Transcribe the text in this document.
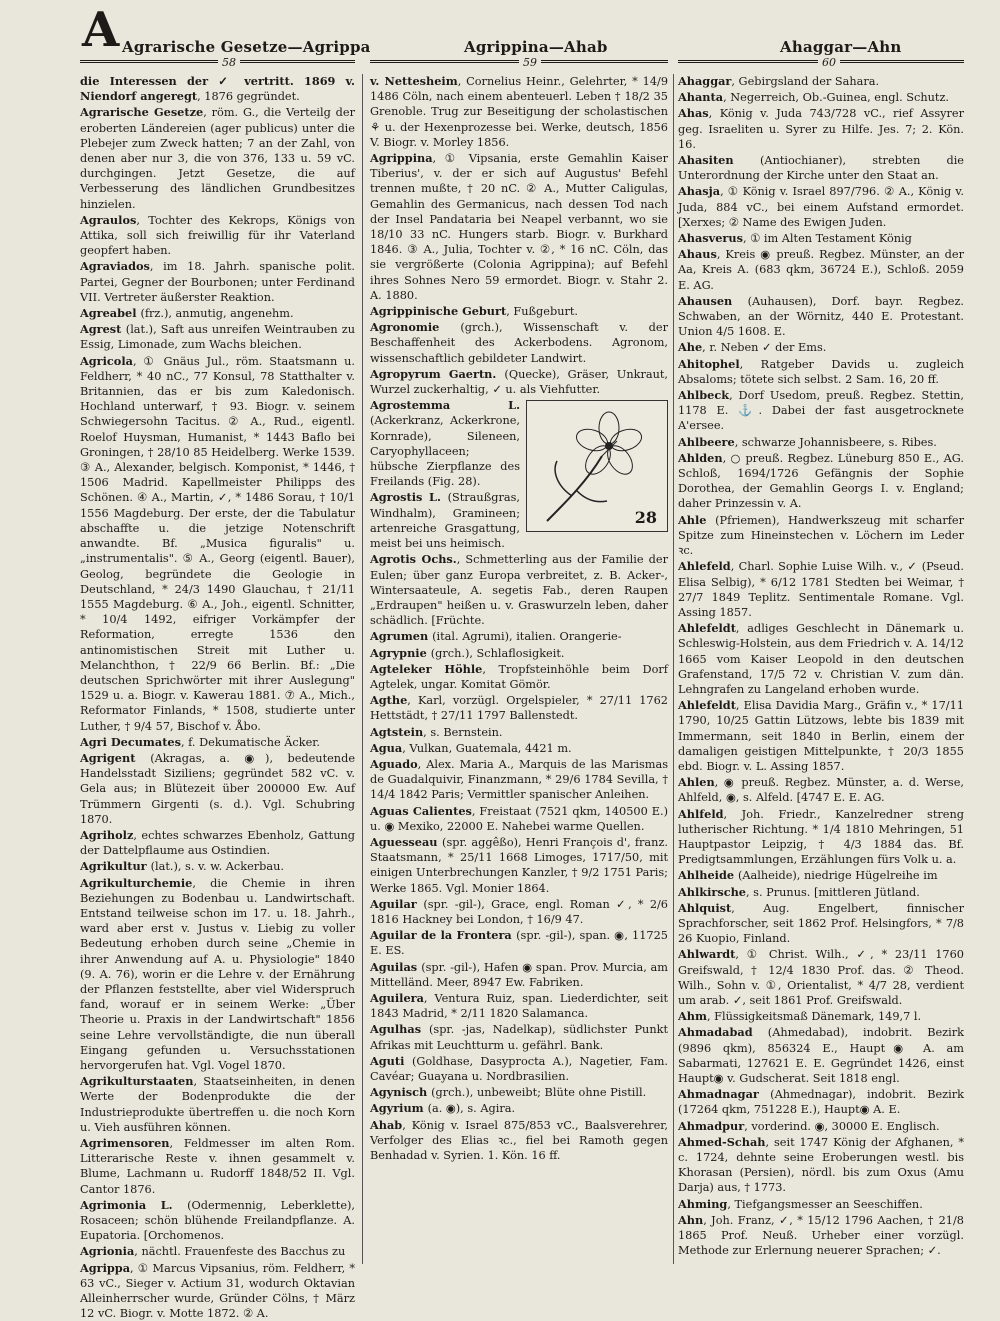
A Agrarische Gesetze—Agrippa	Agrippina—Ahab	Ahaggar—Ahn
58	59	60

die Interessen der ✓ vertritt. 1869 v. Niendorf angeregt, 1876 gegründet.

Agrarische Gesetze, röm. G., die Verteilg der eroberten Ländereien (ager publicus) unter die Plebejer zum Zweck hatten; 7 an der Zahl, von denen aber nur 3, die von 376, 133 u. 59 vC. durchgingen. Jetzt Gesetze, die auf Verbesserung des ländlichen Grundbesitzes hinzielen.

Agraulos, Tochter des Kekrops, Königs von Attika, soll sich freiwillig für ihr Vaterland geopfert haben.

Agraviados, im 18. Jahrh. spanische polit. Partei, Gegner der Bourbonen; unter Ferdinand VII. Vertreter äußerster Reaktion.

Agreabel (frz.), anmutig, angenehm.

Agrest (lat.), Saft aus unreifen Weintrauben zu Essig, Limonade, zum Wachs bleichen.

Agricola, ① Gnäus Jul., röm. Staatsmann u. Feldherr, * 40 nC., 77 Konsul, 78 Statthalter v. Britannien, das er bis zum Kaledonisch. Hochland unterwarf, † 93. Biogr. v. seinem Schwiegersohn Tacitus. ② A., Rud., eigentl. Roelof Huysman, Humanist, * 1443 Baflo bei Groningen, † 28/10 85 Heidelberg. Werke 1539. ③ A., Alexander, belgisch. Komponist, * 1446, † 1506 Madrid. Kapellmeister Philipps des Schönen. ④ A., Martin, ✓, * 1486 Sorau, † 10/1 1556 Magdeburg. Der erste, der die Tabulatur abschaffte u. die jetzige Notenschrift anwandte. Bf. „Musica figuralis" u. „instrumentalis". ⑤ A., Georg (eigentl. Bauer), Geolog, begründete die Geologie in Deutschland, * 24/3 1490 Glauchau, † 21/11 1555 Magdeburg. ⑥ A., Joh., eigentl. Schnitter, * 10/4 1492, eifriger Vorkämpfer der Reformation, erregte 1536 den antinomistischen Streit mit Luther u. Melanchthon, † 22/9 66 Berlin. Bf.: „Die deutschen Sprichwörter mit ihrer Auslegung" 1529 u. a. Biogr. v. Kawerau 1881. ⑦ A., Mich., Reformator Finlands, * 1508, studierte unter Luther, † 9/4 57, Bischof v. Åbo.

Agri Decumates, f. Dekumatische Äcker.

Agrigent (Akragas, a. ◉), bedeutende Handelsstadt Siziliens; gegründet 582 vC. v. Gela aus; in Blütezeit über 200000 Ew. Auf Trümmern Girgenti (s. d.). Vgl. Schubring 1870.

Agriholz, echtes schwarzes Ebenholz, Gattung der Dattelpflaume aus Ostindien.

Agrikultur (lat.), s. v. w. Ackerbau.

Agrikulturchemie, die Chemie in ihren Beziehungen zu Bodenbau u. Landwirtschaft. Entstand teilweise schon im 17. u. 18. Jahrh., ward aber erst v. Justus v. Liebig zu voller Bedeutung erhoben durch seine „Chemie in ihrer Anwendung auf A. u. Physiologie" 1840 (9. A. 76), worin er die Lehre v. der Ernährung der Pflanzen feststellte, aber viel Widerspruch fand, worauf er in seinem Werke: „Über Theorie u. Praxis in der Landwirtschaft" 1856 seine Lehre vervollständigte, die nun überall Eingang gefunden u. Versuchsstationen hervorgerufen hat. Vgl. Vogel 1870.

Agrikulturstaaten, Staatseinheiten, in denen Werte der Bodenprodukte die der Industrieprodukte übertreffen u. die noch Korn u. Vieh ausführen können.

Agrimensoren, Feldmesser im alten Rom. Litterarische Reste v. ihnen gesammelt v. Blume, Lachmann u. Rudorff 1848/52 II. Vgl. Cantor 1876.

Agrimonia L. (Odermennig, Leberklette), Rosaceen; schön blühende Freilandpflanze. A. Eupatoria. [Orchomenos.

Agrionia, nächtl. Frauenfeste des Bacchus zu

Agrippa, ① Marcus Vipsanius, röm. Feldherr, * 63 vC., Sieger v. Actium 31, wodurch Oktavian Alleinherrscher wurde, Gründer Cölns, † März 12 vC. Biogr. v. Motte 1872. ② A.

v. Nettesheim, Cornelius Heinr., Gelehrter, * 14/9 1486 Cöln, nach einem abenteuerl. Leben † 18/2 35 Grenoble. Trug zur Beseitigung der scholastischen ⚘ u. der Hexenprozesse bei. Werke, deutsch, 1856 V. Biogr. v. Morley 1856.

Agrippina, ① Vipsania, erste Gemahlin Kaiser Tiberius', v. der er sich auf Augustus' Befehl trennen mußte, † 20 nC. ② A., Mutter Caligulas, Gemahlin des Germanicus, nach dessen Tod nach der Insel Pandataria bei Neapel verbannt, wo sie 18/10 33 nC. Hungers starb. Biogr. v. Burkhard 1846. ③ A., Julia, Tochter v. ②, * 16 nC. Cöln, das sie vergrößerte (Colonia Agrippina); auf Befehl ihres Sohnes Nero 59 ermordet. Biogr. v. Stahr 2. A. 1880.

Agrippinische Geburt, Fußgeburt.

Agronomie (grch.), Wissenschaft v. der Beschaffenheit des Ackerbodens. Agronom, wissenschaftlich gebildeter Landwirt.

Agropyrum Gaertn. (Quecke), Gräser, Unkraut, Wurzel zuckerhaltig, ✓ u. als Viehfutter.

28

Agrostemma L. (Ackerkranz, Ackerkrone, Kornrade), Sileneen, Caryophyllaceen; hübsche Zierpflanze des Freilands (Fig. 28).

Agrostis L. (Straußgras, Windhalm), Gramineen; artenreiche Grasgattung, meist bei uns heimisch.

Agrotis Ochs., Schmetterling aus der Familie der Eulen; über ganz Europa verbreitet, z. B. Acker-, Wintersaateule, A. segetis Fab., deren Raupen „Erdraupen" heißen u. v. Graswurzeln leben, daher schädlich. [Früchte.

Agrumen (ital. Agrumi), italien. Orangerie-

Agrypnie (grch.), Schlaflosigkeit.

Agteleker Höhle, Tropfsteinhöhle beim Dorf Agtelek, ungar. Komitat Gömör.

Agthe, Karl, vorzügl. Orgelspieler, * 27/11 1762 Hettstädt, † 27/11 1797 Ballenstedt.

Agtstein, s. Bernstein.

Agua, Vulkan, Guatemala, 4421 m.

Aguado, Alex. Maria A., Marquis de las Marismas de Guadalquivir, Finanzmann, * 29/6 1784 Sevilla, † 14/4 1842 Paris; Vermittler spanischer Anleihen.

Aguas Calientes, Freistaat (7521 qkm, 140500 E.) u. ◉ Mexiko, 22000 E. Nahebei warme Quellen.

Aguesseau (spr. aggêßo), Henri François d', franz. Staatsmann, * 25/11 1668 Limoges, 1717/50, mit einigen Unterbrechungen Kanzler, † 9/2 1751 Paris; Werke 1865. Vgl. Monier 1864.

Aguilar (spr. -gil-), Grace, engl. Roman ✓, * 2/6 1816 Hackney bei London, † 16/9 47.

Aguilar de la Frontera (spr. -gil-), span. ◉, 11725 E. ES.

Aguilas (spr. -gil-), Hafen ◉ span. Prov. Murcia, am Mittelländ. Meer, 8947 Ew. Fabriken.

Aguilera, Ventura Ruiz, span. Liederdichter, seit 1843 Madrid, * 2/11 1820 Salamanca.

Agulhas (spr. -jas, Nadelkap), südlichster Punkt Afrikas mit Leuchtturm u. gefährl. Bank.

Aguti (Goldhase, Dasyprocta A.), Nagetier, Fam. Cavéar; Guayana u. Nordbrasilien.

Agynisch (grch.), unbeweibt; Blüte ohne Pistill.

Agyrium (a. ◉), s. Agira.

Ahab, König v. Israel 875/853 vC., Baalsverehrer, Verfolger des Elias ꝛc., fiel bei Ramoth gegen Benhadad v. Syrien. 1. Kön. 16 ff.

Ahaggar, Gebirgsland der Sahara.

Ahanta, Negerreich, Ob.-Guinea, engl. Schutz.

Ahas, König v. Juda 743/728 vC., rief Assyrer geg. Israeliten u. Syrer zu Hilfe. Jes. 7; 2. Kön. 16.

Ahasiten (Antiochianer), strebten die Unterordnung der Kirche unter den Staat an.

Ahasja, ① König v. Israel 897/796. ② A., König v. Juda, 884 vC., bei einem Aufstand ermordet. [Xerxes; ② Name des Ewigen Juden.

Ahasverus, ① im Alten Testament König

Ahaus, Kreis ◉ preuß. Regbez. Münster, an der Aa, Kreis A. (683 qkm, 36724 E.), Schloß. 2059 E. AG.

Ahausen (Auhausen), Dorf. bayr. Regbez. Schwaben, an der Wörnitz, 440 E. Protestant. Union 4/5 1608. E.

Ahe, r. Neben ✓ der Ems.

Ahitophel, Ratgeber Davids u. zugleich Absaloms; tötete sich selbst. 2 Sam. 16, 20 ff.

Ahlbeck, Dorf Usedom, preuß. Regbez. Stettin, 1178 E. ⚓. Dabei der fast ausgetrocknete A'ersee.

Ahlbeere, schwarze Johannisbeere, s. Ribes.

Ahlden, ○ preuß. Regbez. Lüneburg 850 E., AG. Schloß, 1694/1726 Gefängnis der Sophie Dorothea, der Gemahlin Georgs I. v. England; daher Prinzessin v. A.

Ahle (Pfriemen), Handwerkszeug mit scharfer Spitze zum Hineinstechen v. Löchern im Leder ꝛc.

Ahlefeld, Charl. Sophie Luise Wilh. v., ✓ (Pseud. Elisa Selbig), * 6/12 1781 Stedten bei Weimar, † 27/7 1849 Teplitz. Sentimentale Romane. Vgl. Assing 1857.

Ahlefeldt, adliges Geschlecht in Dänemark u. Schleswig-Holstein, aus dem Friedrich v. A. 14/12 1665 vom Kaiser Leopold in den deutschen Grafenstand, 17/5 72 v. Christian V. zum dän. Lehngrafen zu Langeland erhoben wurde.

Ahlefeldt, Elisa Davidia Marg., Gräfin v., * 17/11 1790, 10/25 Gattin Lützows, lebte bis 1839 mit Immermann, seit 1840 in Berlin, einem der damaligen geistigen Mittelpunkte, † 20/3 1855 ebd. Biogr. v. L. Assing 1857.

Ahlen, ◉ preuß. Regbez. Münster, a. d. Werse, Ahlfeld, ◉, s. Alfeld. [4747 E. E. AG.

Ahlfeld, Joh. Friedr., Kanzelredner streng lutherischer Richtung. * 1/4 1810 Mehringen, 51 Hauptpastor Leipzig, † 4/3 1884 das. Bf. Predigtsammlungen, Erzählungen fürs Volk u. a.

Ahlheide (Aalheide), niedrige Hügelreihe im

Ahlkirsche, s. Prunus. [mittleren Jütland.

Ahlquist, Aug. Engelbert, finnischer Sprachforscher, seit 1862 Prof. Helsingfors, * 7/8 26 Kuopio, Finland.

Ahlwardt, ① Christ. Wilh., ✓, * 23/11 1760 Greifswald, † 12/4 1830 Prof. das. ② Theod. Wilh., Sohn v. ①, Orientalist, * 4/7 28, verdient um arab. ✓, seit 1861 Prof. Greifswald.

Ahm, Flüssigkeitsmaß Dänemark, 149,7 l.

Ahmadabad (Ahmedabad), indobrit. Bezirk (9896 qkm), 856324 E., Haupt◉ A. am Sabarmati, 127621 E. E. Gegründet 1426, einst Haupt◉ v. Gudscherat. Seit 1818 engl.

Ahmadnagar (Ahmednagar), indobrit. Bezirk (17264 qkm, 751228 E.), Haupt◉ A. E.

Ahmadpur, vorderind. ◉, 30000 E. Englisch.

Ahmed-Schah, seit 1747 König der Afghanen, * c. 1724, dehnte seine Eroberungen westl. bis Khorasan (Persien), nördl. bis zum Oxus (Amu Darja) aus, † 1773.

Ahming, Tiefgangsmesser an Seeschiffen.

Ahn, Joh. Franz, ✓, * 15/12 1796 Aachen, † 21/8 1865 Prof. Neuß. Urheber einer vorzügl. Methode zur Erlernung neuerer Sprachen; ✓.
